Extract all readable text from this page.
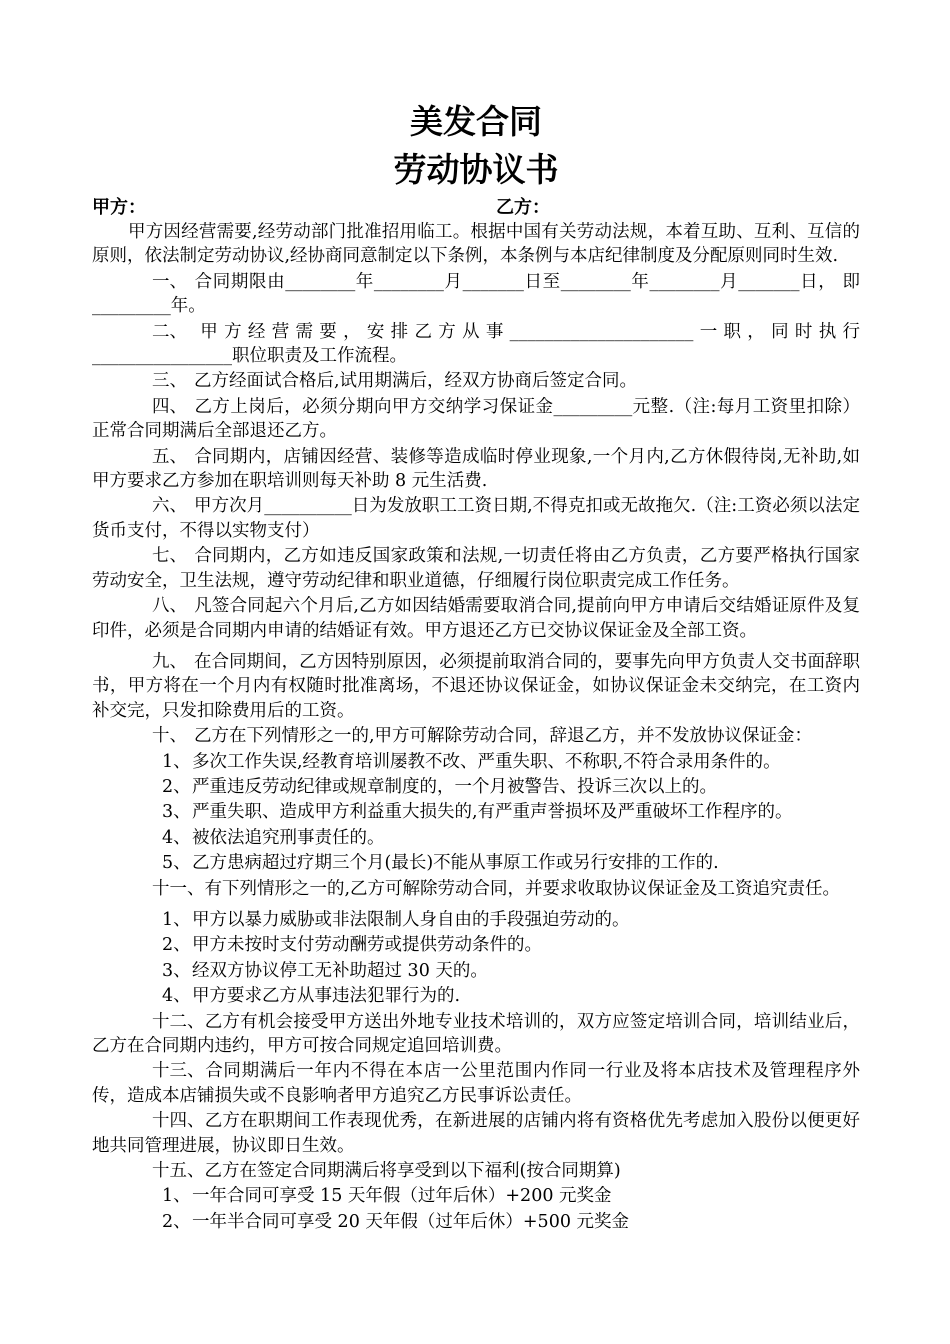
美发合同
劳动协议书
甲方：	乙方：

甲方因经营需要,经劳动部门批准招用临工。根据中国有关劳动法规，本着互助、互利、互信的原则，依法制定劳动协议,经协商同意制定以下条例，本条例与本店纪律制度及分配原则同时生效.

一、 合同期限由________年________月_______日至________年________月_______日， 即_________年。

二、 甲方经营需要，安排乙方从事_____________________一职，同时执行________________职位职责及工作流程。

三、 乙方经面试合格后,试用期满后，经双方协商后签定合同。

四、 乙方上岗后，必须分期向甲方交纳学习保证金_________元整.（注:每月工资里扣除）正常合同期满后全部退还乙方。

五、 合同期内，店铺因经营、装修等造成临时停业现象,一个月内,乙方休假待岗,无补助,如甲方要求乙方参加在职培训则每天补助 8 元生活费.

六、 甲方次月__________日为发放职工工资日期,不得克扣或无故拖欠.（注:工资必须以法定货币支付，不得以实物支付）

七、 合同期内，乙方如违反国家政策和法规,一切责任将由乙方负责，乙方要严格执行国家劳动安全，卫生法规，遵守劳动纪律和职业道德，仔细履行岗位职责完成工作任务。

八、 凡签合同起六个月后,乙方如因结婚需要取消合同,提前向甲方申请后交结婚证原件及复印件，必须是合同期内申请的结婚证有效。甲方退还乙方已交协议保证金及全部工资。

九、 在合同期间，乙方因特别原因，必须提前取消合同的，要事先向甲方负责人交书面辞职书，甲方将在一个月内有权随时批准离场，不退还协议保证金，如协议保证金未交纳完，在工资内补交完，只发扣除费用后的工资。

十、 乙方在下列情形之一的,甲方可解除劳动合同，辞退乙方，并不发放协议保证金：

1、多次工作失误,经教育培训屡教不改、严重失职、不称职,不符合录用条件的。

2、严重违反劳动纪律或规章制度的，一个月被警告、投诉三次以上的。

3、严重失职、造成甲方利益重大损失的,有严重声誉损坏及严重破坏工作程序的。

4、被依法追究刑事责任的。

5、乙方患病超过疗期三个月(最长)不能从事原工作或另行安排的工作的.

十一、有下列情形之一的,乙方可解除劳动合同，并要求收取协议保证金及工资追究责任。

1、甲方以暴力威胁或非法限制人身自由的手段强迫劳动的。

2、甲方未按时支付劳动酬劳或提供劳动条件的。

3、经双方协议停工无补助超过 30 天的。

4、甲方要求乙方从事违法犯罪行为的.

十二、乙方有机会接受甲方送出外地专业技术培训的，双方应签定培训合同，培训结业后，乙方在合同期内违约，甲方可按合同规定追回培训费。

十三、合同期满后一年内不得在本店一公里范围内作同一行业及将本店技术及管理程序外传，造成本店铺损失或不良影响者甲方追究乙方民事诉讼责任。

十四、乙方在职期间工作表现优秀，在新进展的店铺内将有资格优先考虑加入股份以便更好地共同管理进展，协议即日生效。

十五、乙方在签定合同期满后将享受到以下福利(按合同期算)

1、一年合同可享受 15 天年假（过年后休）+200 元奖金

2、一年半合同可享受 20 天年假（过年后休）+500 元奖金
